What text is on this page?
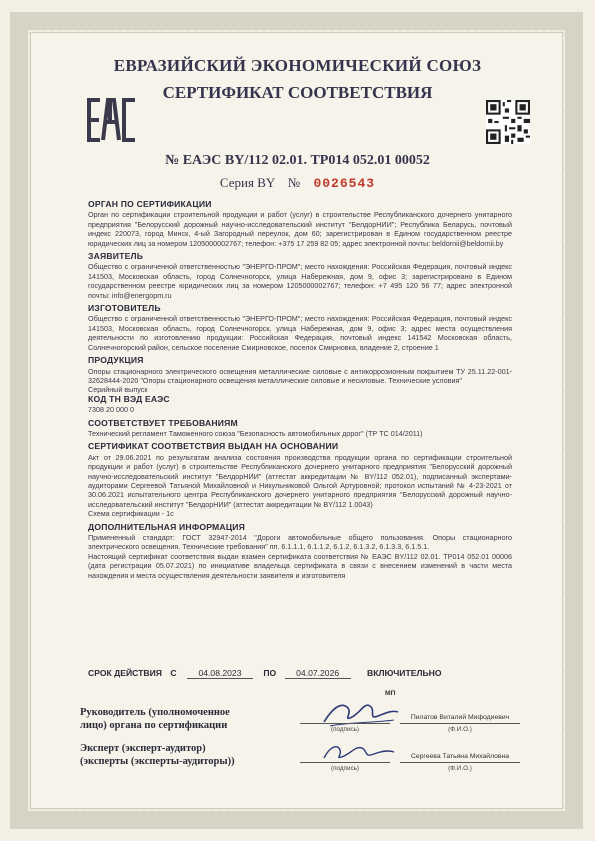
ЕВРАЗИЙСКИЙ ЭКОНОМИЧЕСКИЙ СОЮЗ
СЕРТИФИКАТ СООТВЕТСТВИЯ
№ ЕАЭС BY/112 02.01. ТР014 052.01 00052
Серия BY № 0026543
ОРГАН ПО СЕРТИФИКАЦИИ
Орган по сертификации строительной продукции и работ (услуг) в строительстве Республиканского дочернего унитарного предприятия "Белорусский дорожный научно-исследовательский институт "БелдорНИИ"; Республика Беларусь, почтовый индекс 220073, город Минск, 4-ый Загородный переулок, дом 60; зарегистрирован в Едином государственном реестре юридических лиц за номером 1205000002767; телефон: +375 17 259 82 05; адрес электронной почты: beldornii@beldornii.by
ЗАЯВИТЕЛЬ
Общество с ограниченной ответственностью "ЭНЕРГО-ПРОМ"; место нахождения: Российская Федерация, почтовый индекс 141503, Московская область, город Солнечногорск, улица Набережная, дом 9, офис 3; зарегистрировано в Едином государственном реестре юридических лиц за номером 1205000002767; телефон: +7 495 120 56 77; адрес электронной почты: info@energopm.ru
ИЗГОТОВИТЕЛЬ
Общество с ограниченной ответственностью "ЭНЕРГО-ПРОМ"; место нахождения: Российская Федерация, почтовый индекс 141503, Московская область, город Солнечногорск, улица Набережная, дом 9, офис 3; адрес места осуществления деятельности по изготовлению продукции: Российская Федерация, почтовый индекс 141542 Московская область, Солнечногорский район, сельское поселение Смирновское, поселок Смирновка, владение 2, строение 1
ПРОДУКЦИЯ
Опоры стационарного электрического освещения металлические силовые с антикоррозионным покрытием ТУ 25.11.22-001-32628444-2020 "Опоры стационарного освещения металлические силовые и несиловые. Технические условия"
Серийный выпуск
КОД ТН ВЭД ЕАЭС
7308 20 000 0
СООТВЕТСТВУЕТ ТРЕБОВАНИЯМ
Технический регламент Таможенного союза "Безопасность автомобильных дорог" (ТР ТС 014/2011)
СЕРТИФИКАТ СООТВЕТСТВИЯ ВЫДАН НА ОСНОВАНИИ
Акт от 29.06.2021 по результатам анализа состояния производства продукции органа по сертификации строительной продукции и работ (услуг) в строительстве Республиканского дочернего унитарного предприятия "Белорусский дорожный научно-исследовательский институт "БелдорНИИ" (аттестат аккредитации № BY/112 052.01), подписанный экспертами-аудиторами Сергеевой Татьяной Михайловной и Никульниковой Ольгой Артуровной; протокол испытаний № 4-23-2021 от 30.06.2021 испытательного центра Республиканского дочернего унитарного предприятия "Белорусский дорожный научно-исследовательский институт "БелдорНИИ" (аттестат аккредитации № BY/112 1.0043)
Схема сертификации - 1с
ДОПОЛНИТЕЛЬНАЯ ИНФОРМАЦИЯ
Примененный стандарт: ГОСТ 32947-2014 "Дороги автомобильные общего пользования. Опоры стационарного электрического освещения. Технические требования" пп. 6.1.1.1, 6.1.1.2, 6.1.2, 6.1.3.2, 6.1.3.3, 6.1.5.1.
Настоящий сертификат соответствия выдан взамен сертификата соответствия № ЕАЭС BY/112 02.01. ТР014 052.01 00006 (дата регистрации 05.07.2021) по инициативе владельца сертификата в связи с внесением изменений в части места нахождения и места осуществления деятельности заявителя и изготовителя
СРОК ДЕЙСТВИЯ С	04.08.2023	ПО 04.07.2026	ВКЛЮЧИТЕЛЬНО
МП
Руководитель (уполномоченное
лицо) органа по сертификации	(подпись)
Пилатов Виталий Мифодиевич
(Ф.И.О.)
Эксперт (эксперт-аудитор)
(эксперты (эксперты-аудиторы))
(подпись)
Сергеева Татьяна Михайловна
(Ф.И.О.)
